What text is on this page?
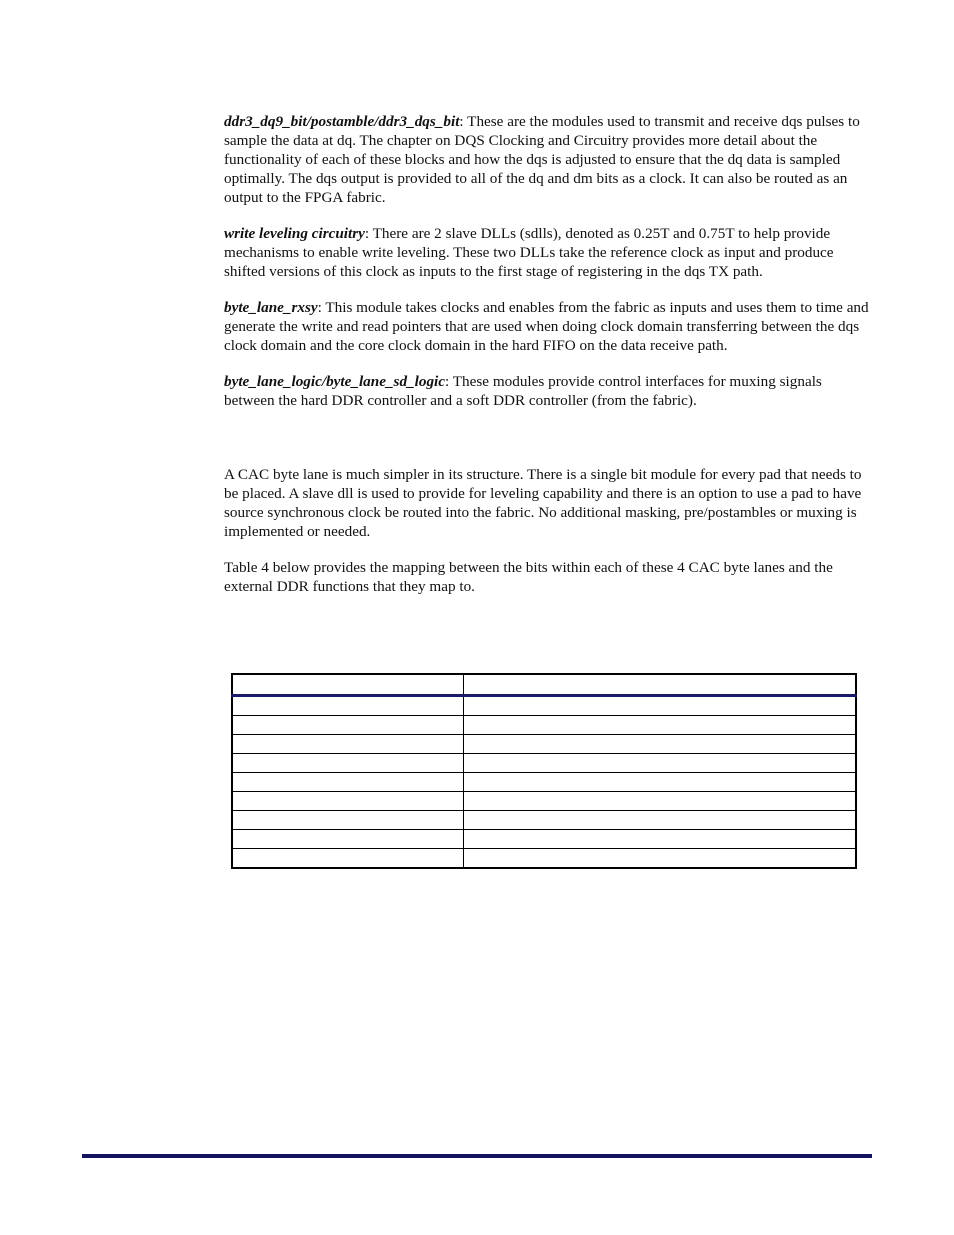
ddr3_dq9_bit/postamble/ddr3_dqs_bit: These are the modules used to transmit and receive dqs pulses to sample the data at dq. The chapter on DQS Clocking and Circuitry provides more detail about the functionality of each of these blocks and how the dqs is adjusted to ensure that the dq data is sampled optimally. The dqs output is provided to all of the dq and dm bits as a clock. It can also be routed as an output to the FPGA fabric.

write leveling circuitry: There are 2 slave DLLs (sdlls), denoted as 0.25T and 0.75T to help provide mechanisms to enable write leveling. These two DLLs take the reference clock as input and produce shifted versions of this clock as inputs to the first stage of registering in the dqs TX path.

byte_lane_rxsy: This module takes clocks and enables from the fabric as inputs and uses them to time and generate the write and read pointers that are used when doing clock domain transferring between the dqs clock domain and the core clock domain in the hard FIFO on the data receive path.

byte_lane_logic/byte_lane_sd_logic: These modules provide control interfaces for muxing signals between the hard DDR controller and a soft DDR controller (from the fabric).

A CAC byte lane is much simpler in its structure. There is a single bit module for every pad that needs to be placed. A slave dll is used to provide for leveling capability and there is an option to use a pad to have source synchronous clock be routed into the fabric. No additional masking, pre/postambles or muxing is implemented or needed.

Table 4 below provides the mapping between the bits within each of these 4 CAC byte lanes and the external DDR functions that they map to.
